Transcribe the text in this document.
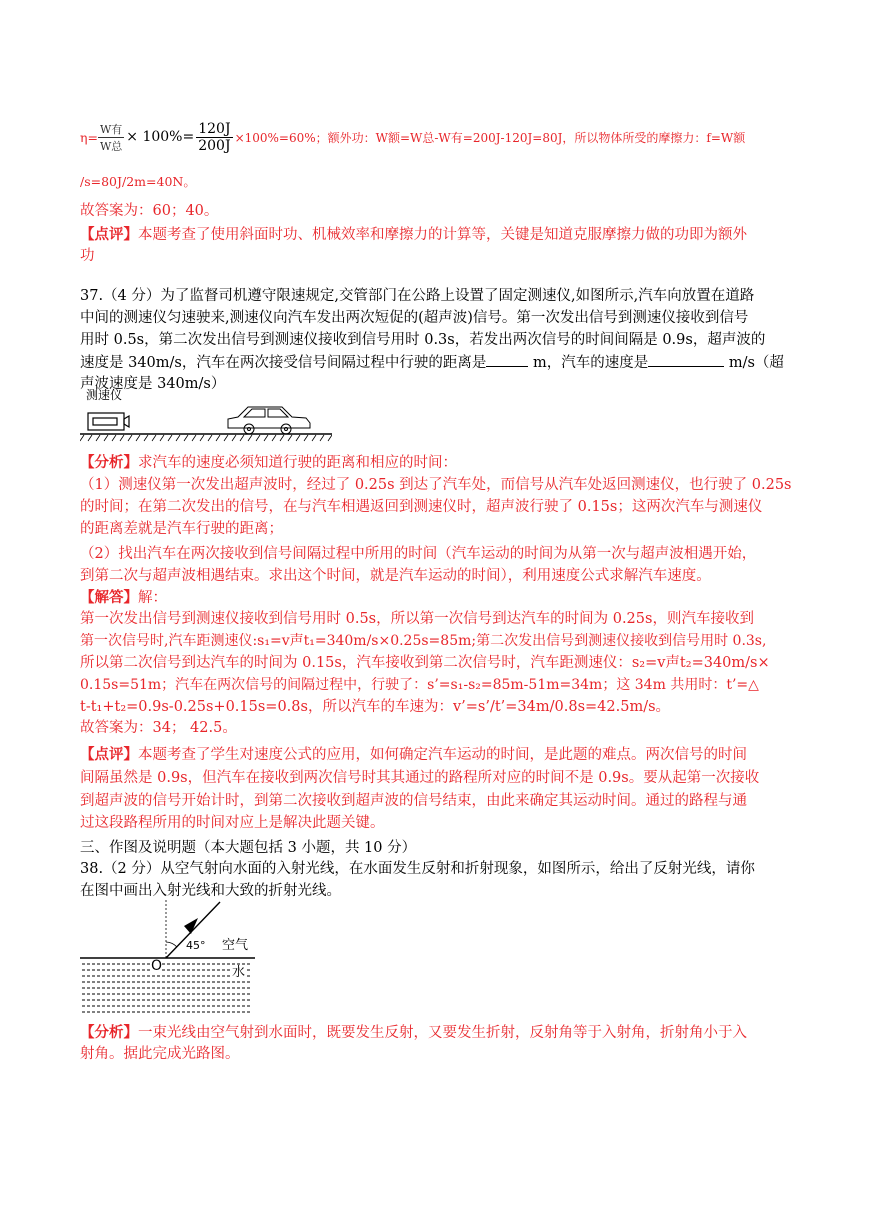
$\eta= \frac{\text{W有}}{\text{W总}} \times 100\%= \frac{120J}{200J} \times 100\%=60\%$；额外功：W额=W总-W有=200J-120J=80J，所以物体所受的摩擦力：f=W额

/s=80J/2m=40N。

故答案为：60；40。

【点评】本题考查了使用斜面时功、机械效率和摩擦力的计算等，关键是知道克服摩擦力做的功即为额外

功

37.（4 分）为了监督司机遵守限速规定,交管部门在公路上设置了固定测速仪,如图所示,汽车向放置在道路

中间的测速仪匀速驶来,测速仪向汽车发出两次短促的(超声波)信号。第一次发出信号到测速仪接收到信号

用时 0.5s，第二次发出信号到测速仪接收到信号用时 0.3s，若发出两次信号的时间间隔是 0.9s，超声波的

速度是 340m/s，汽车在两次接受信号间隔过程中行驶的距离是	m，汽车的速度是	m/s（超

声波速度是 340m/s）

测速仪

【分析】求汽车的速度必须知道行驶的距离和相应的时间：

（1）测速仪第一次发出超声波时，经过了 0.25s 到达了汽车处，而信号从汽车处返回测速仪，也行驶了 0.25s

的时间；在第二次发出的信号，在与汽车相遇返回到测速仪时，超声波行驶了 0.15s；这两次汽车与测速仪

的距离差就是汽车行驶的距离；

（2）找出汽车在两次接收到信号间隔过程中所用的时间（汽车运动的时间为从第一次与超声波相遇开始，

到第二次与超声波相遇结束。求出这个时间，就是汽车运动的时间），利用速度公式求解汽车速度。

【解答】解：

第一次发出信号到测速仪接收到信号用时 0.5s，所以第一次信号到达汽车的时间为 0.25s，则汽车接收到

第一次信号时,汽车距测速仪:s₁=v声t₁=340m/s×0.25s=85m;第二次发出信号到测速仪接收到信号用时 0.3s,

所以第二次信号到达汽车的时间为 0.15s，汽车接收到第二次信号时，汽车距测速仪：s₂=v声t₂=340m/s×

0.15s=51m；汽车在两次信号的间隔过程中，行驶了：s’=s₁-s₂=85m-51m=34m；这 34m 共用时：t’=△

t-t₁+t₂=0.9s-0.25s+0.15s=0.8s，所以汽车的车速为：v’=s’/t’=34m/0.8s=42.5m/s。

故答案为：34； 42.5。

【点评】本题考查了学生对速度公式的应用，如何确定汽车运动的时间，是此题的难点。两次信号的时间

间隔虽然是 0.9s，但汽车在接收到两次信号时其其通过的路程所对应的时间不是 0.9s。要从起第一次接收

到超声波的信号开始计时，到第二次接收到超声波的信号结束，由此来确定其运动时间。通过的路程与通

过这段路程所用的时间对应上是解决此题关键。

三、作图及说明题（本大题包括 3 小题，共 10 分）

38.（2 分）从空气射向水面的入射光线，在水面发生反射和折射现象，如图所示，给出了反射光线，请你

在图中画出入射光线和大致的折射光线。

45° 空气
O	水

【分析】一束光线由空气射到水面时，既要发生反射，又要发生折射，反射角等于入射角，折射角小于入

射角。据此完成光路图。
